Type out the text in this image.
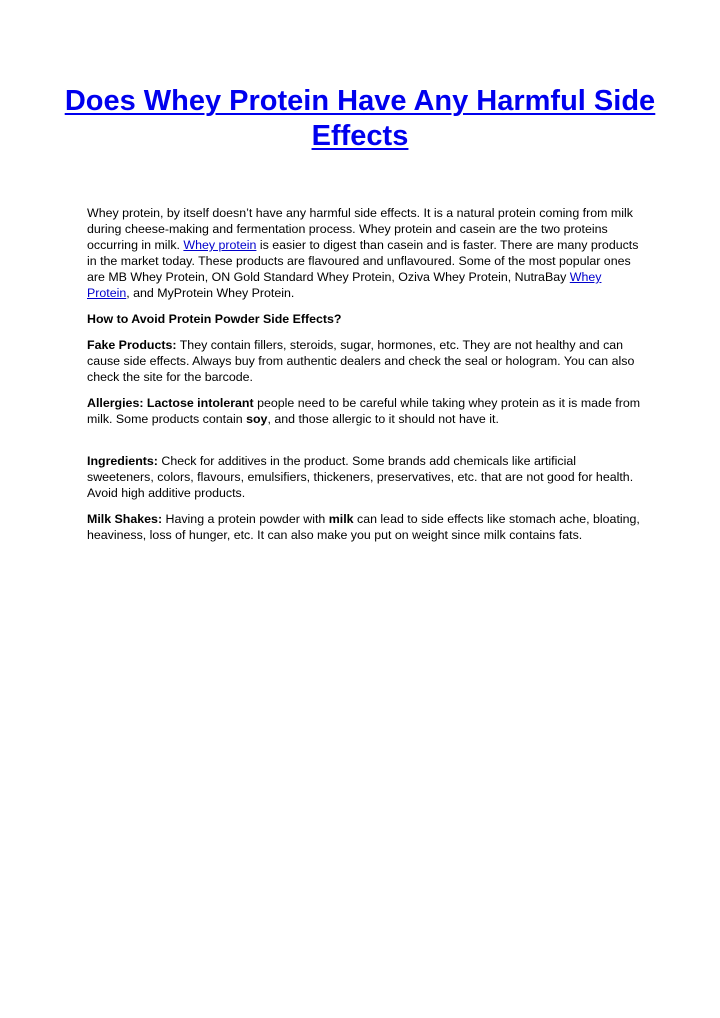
Does Whey Protein Have Any Harmful Side Effects

Whey protein, by itself doesn’t have any harmful side effects. It is a natural protein coming from milk during cheese-making and fermentation process. Whey protein and casein are the two proteins occurring in milk. Whey protein is easier to digest than casein and is faster. There are many products in the market today. These products are flavoured and unflavoured. Some of the most popular ones are MB Whey Protein, ON Gold Standard Whey Protein, Oziva Whey Protein, NutraBay Whey Protein, and MyProtein Whey Protein.

How to Avoid Protein Powder Side Effects?

Fake Products: They contain fillers, steroids, sugar, hormones, etc. They are not healthy and can cause side effects. Always buy from authentic dealers and check the seal or hologram. You can also check the site for the barcode.

Allergies: Lactose intolerant people need to be careful while taking whey protein as it is made from milk. Some products contain soy, and those allergic to it should not have it.

Ingredients: Check for additives in the product. Some brands add chemicals like artificial sweeteners, colors, flavours, emulsifiers, thickeners, preservatives, etc. that are not good for health. Avoid high additive products.

Milk Shakes: Having a protein powder with milk can lead to side effects like stomach ache, bloating, heaviness, loss of hunger, etc. It can also make you put on weight since milk contains fats.
